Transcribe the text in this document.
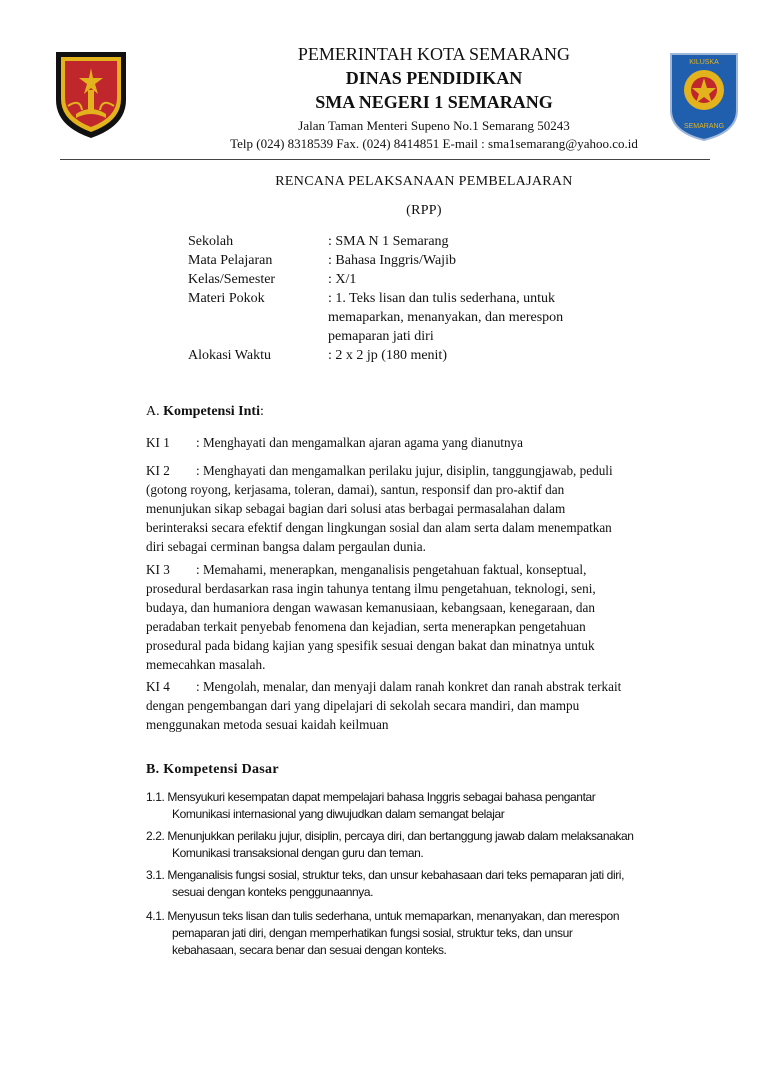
KILUSKA
SEMARANG
PEMERINTAH KOTA SEMARANG
DINAS PENDIDIKAN
SMA NEGERI 1 SEMARANG
Jalan Taman Menteri Supeno No.1 Semarang 50243
Telp (024) 8318539 Fax. (024) 8414851 E-mail : sma1semarang@yahoo.co.id
RENCANA PELAKSANAAN PEMBELAJARAN
(RPP)
Sekolah	: SMA N 1 Semarang
Mata Pelajaran	: Bahasa Inggris/Wajib
Kelas/Semester	: X/1
Materi Pokok	: 1. Teks lisan dan tulis sederhana, untuk
memaparkan, menanyakan, dan merespon
pemaparan jati diri
Alokasi Waktu	: 2 x 2 jp (180 menit)
A. Kompetensi Inti:
KI 1 : Menghayati dan mengamalkan ajaran agama yang dianutnya
KI 2 : Menghayati dan mengamalkan perilaku jujur, disiplin, tanggungjawab, peduli
(gotong royong, kerjasama, toleran, damai), santun, responsif dan pro-aktif dan
menunjukan sikap sebagai bagian dari solusi atas berbagai permasalahan dalam
berinteraksi secara efektif dengan lingkungan sosial dan alam serta dalam menempatkan
diri sebagai cerminan bangsa dalam pergaulan dunia.
KI 3 : Memahami, menerapkan, menganalisis pengetahuan faktual, konseptual,
prosedural berdasarkan rasa ingin tahunya tentang ilmu pengetahuan, teknologi, seni,
budaya, dan humaniora dengan wawasan kemanusiaan, kebangsaan, kenegaraan, dan
peradaban terkait penyebab fenomena dan kejadian, serta menerapkan pengetahuan
prosedural pada bidang kajian yang spesifik sesuai dengan bakat dan minatnya untuk
memecahkan masalah.
KI 4 : Mengolah, menalar, dan menyaji dalam ranah konkret dan ranah abstrak terkait
dengan pengembangan dari yang dipelajari di sekolah secara mandiri, dan mampu
menggunakan metoda sesuai kaidah keilmuan
B. Kompetensi Dasar
1.1. Mensyukuri kesempatan dapat mempelajari bahasa Inggris sebagai bahasa pengantar
Komunikasi internasional yang diwujudkan dalam semangat belajar
2.2. Menunjukkan perilaku jujur, disiplin, percaya diri, dan bertanggung jawab dalam melaksanakan
Komunikasi transaksional dengan guru dan teman.
3.1. Menganalisis fungsi sosial, struktur teks, dan unsur kebahasaan dari teks pemaparan jati diri,
sesuai dengan konteks penggunaannya.
4.1. Menyusun teks lisan dan tulis sederhana, untuk memaparkan, menanyakan, dan merespon
pemaparan jati diri, dengan memperhatikan fungsi sosial, struktur teks, dan unsur
kebahasaan, secara benar dan sesuai dengan konteks.
